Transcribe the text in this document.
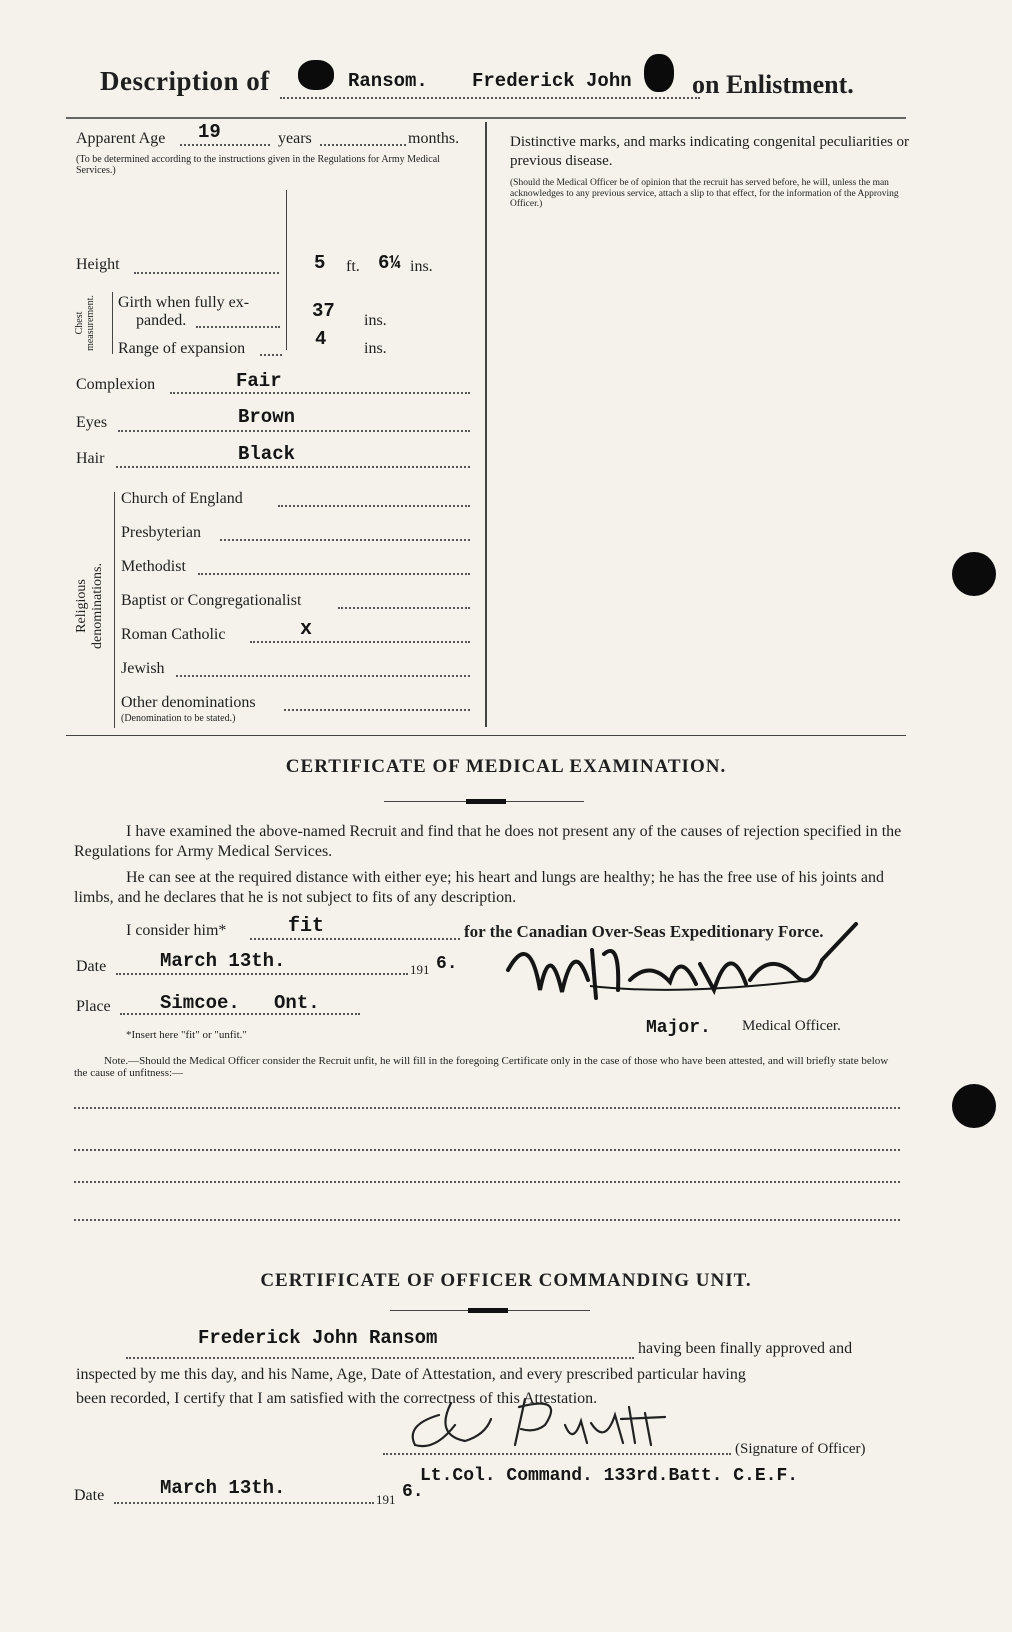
Description of	Ransom. Frederick John on Enlistment.
Apparent Age 19	years	months.
(To be determined according to the instructions given in the Regulations for Army Medical Services.)
Distinctive marks, and marks indicating congenital peculiarities or previous disease.
(Should the Medical Officer be of opinion that the recruit has served before, he will, unless the man acknowledges to any previous service, attach a slip to that effect, for the information of the Approving Officer.)
Height	5 ft. 6¼ ins.
Chest measurement. Girth when fully ex-
panded.	37 ins.
Range of expansion	4 ins.
Complexion	Fair
Eyes	Brown
Hair	Black
Religious denominations.
Church of England
Presbyterian
Methodist
Baptist or Congregationalist
Roman Catholic	x
Jewish
Other denominations
(Denomination to be stated.)
CERTIFICATE OF MEDICAL EXAMINATION.
I have examined the above-named Recruit and find that he does not present any of the causes of rejection specified in the Regulations for Army Medical Services.
He can see at the required distance with either eye; his heart and lungs are healthy; he has the free use of his joints and limbs, and he declares that he is not subject to fits of any description.
I consider him*	fit	for the Canadian Over-Seas Expeditionary Force.
Date	March 13th.	191 6.
Place	Simcoe.   Ont.
*Insert here "fit" or "unfit."	Major. Medical Officer.
Note.—Should the Medical Officer consider the Recruit unfit, he will fill in the foregoing Certificate only in the case of those who have been attested, and will briefly state below the cause of unfitness:—
CERTIFICATE OF OFFICER COMMANDING UNIT.
Frederick John Ransom	having been finally approved and
inspected by me this day, and his Name, Age, Date of Attestation, and every prescribed particular having
been recorded, I certify that I am satisfied with the correctness of this Attestation.
(Signature of Officer)
Lt.Col. Command. 133rd.Batt. C.E.F.
Date	March 13th.
191 6.
